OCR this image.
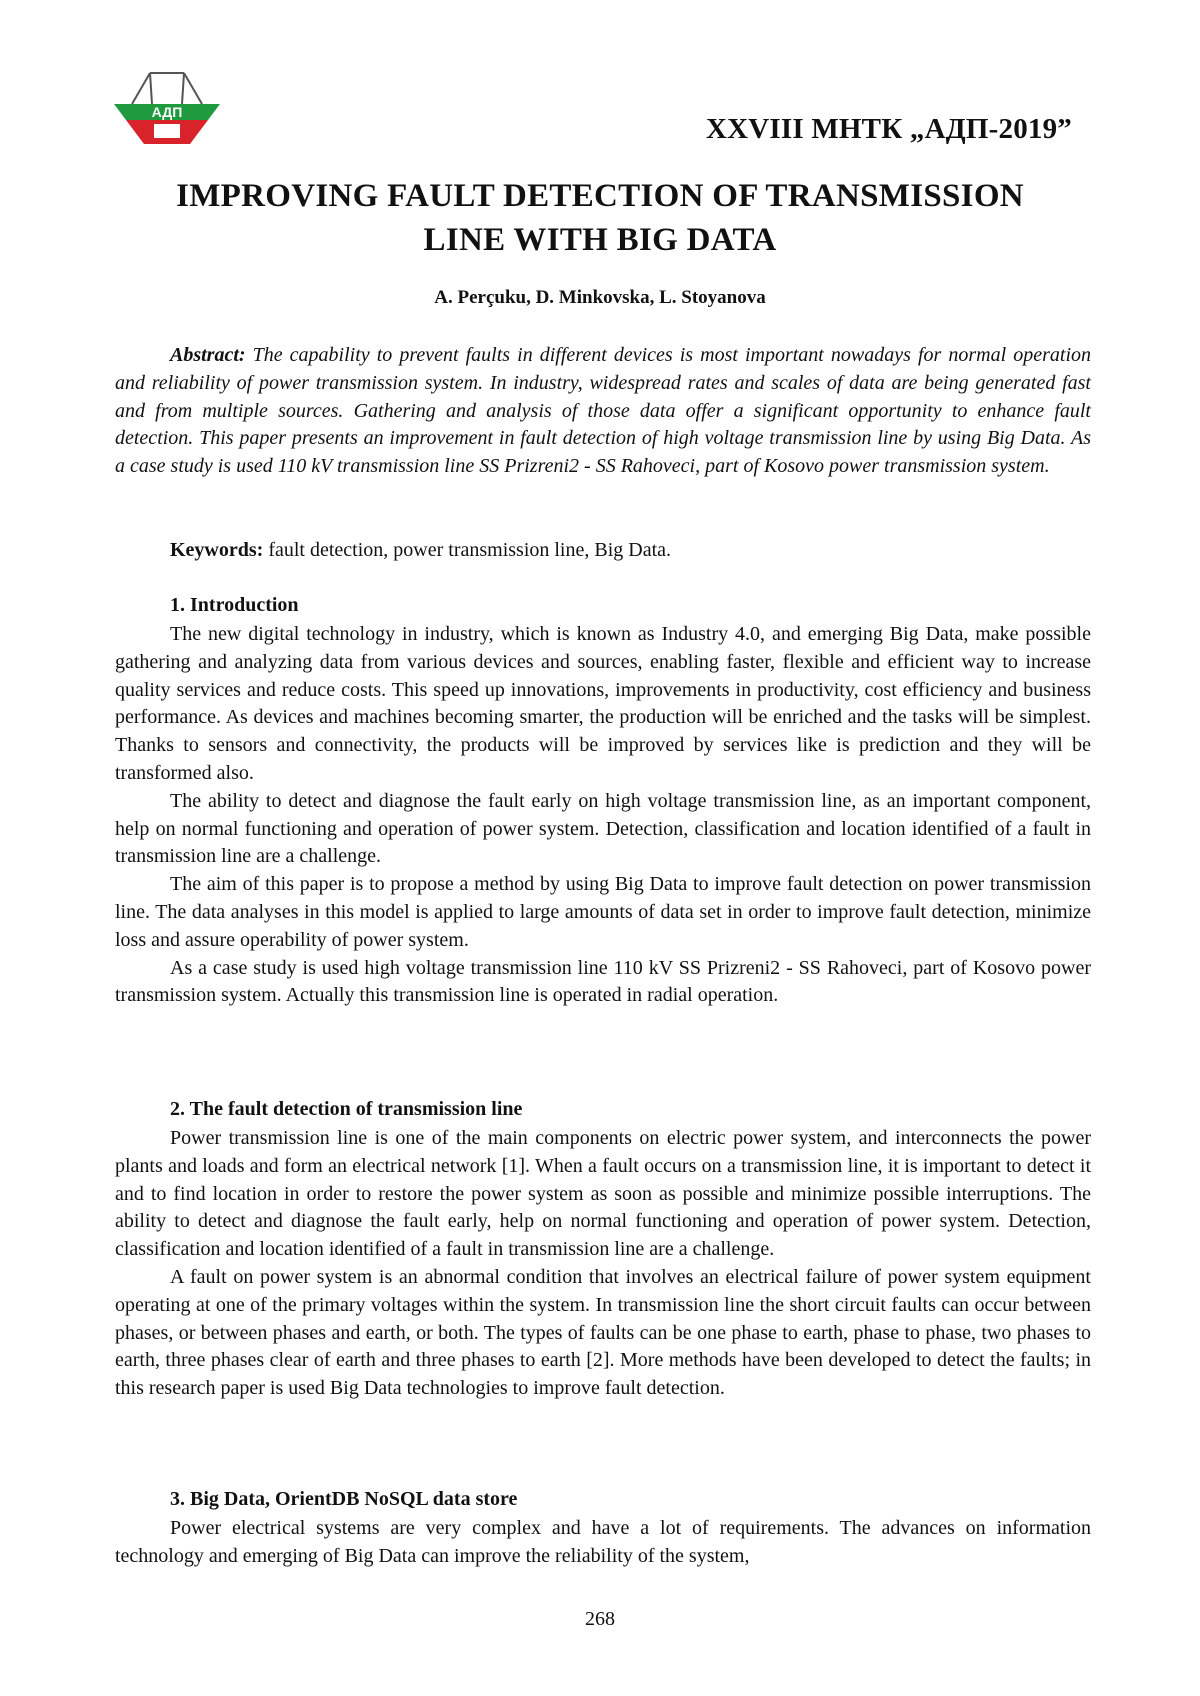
АДП
XXVIII МНТК „АДП-2019”
IMPROVING FAULT DETECTION OF TRANSMISSION
LINE WITH BIG DATA
A. Perçuku, D. Minkovska, L. Stoyanova

Abstract: The capability to prevent faults in different devices is most important nowadays for normal operation and reliability of power transmission system. In industry, widespread rates and scales of data are being generated fast and from multiple sources. Gathering and analysis of those data offer a significant opportunity to enhance fault detection. This paper presents an improvement in fault detection of high voltage transmission line by using Big Data. As a case study is used 110 kV transmission line SS Prizreni2 - SS Rahoveci, part of Kosovo power transmission system.

Keywords: fault detection, power transmission line, Big Data.

1. Introduction

The new digital technology in industry, which is known as Industry 4.0, and emerging Big Data, make possible gathering and analyzing data from various devices and sources, enabling faster, flexible and efficient way to increase quality services and reduce costs. This speed up innovations, improvements in productivity, cost efficiency and business performance. As devices and machines becoming smarter, the production will be enriched and the tasks will be simplest. Thanks to sensors and connectivity, the products will be improved by services like is prediction and they will be transformed also.

The ability to detect and diagnose the fault early on high voltage transmission line, as an important component, help on normal functioning and operation of power system. Detection, classification and location identified of a fault in transmission line are a challenge.

The aim of this paper is to propose a method by using Big Data to improve fault detection on power transmission line. The data analyses in this model is applied to large amounts of data set in order to improve fault detection, minimize loss and assure operability of power system.

As a case study is used high voltage transmission line 110 kV SS Prizreni2 - SS Rahoveci, part of Kosovo power transmission system. Actually this transmission line is operated in radial operation.

2. The fault detection of transmission line

Power transmission line is one of the main components on electric power system, and interconnects the power plants and loads and form an electrical network [1]. When a fault occurs on a transmission line, it is important to detect it and to find location in order to restore the power system as soon as possible and minimize possible interruptions. The ability to detect and diagnose the fault early, help on normal functioning and operation of power system. Detection, classification and location identified of a fault in transmission line are a challenge.

A fault on power system is an abnormal condition that involves an electrical failure of power system equipment operating at one of the primary voltages within the system. In transmission line the short circuit faults can occur between phases, or between phases and earth, or both. The types of faults can be one phase to earth, phase to phase, two phases to earth, three phases clear of earth and three phases to earth [2]. More methods have been developed to detect the faults; in this research paper is used Big Data technologies to improve fault detection.

3. Big Data, OrientDB NoSQL data store

Power electrical systems are very complex and have a lot of requirements. The advances on information technology and emerging of Big Data can improve the reliability of the system,

268
